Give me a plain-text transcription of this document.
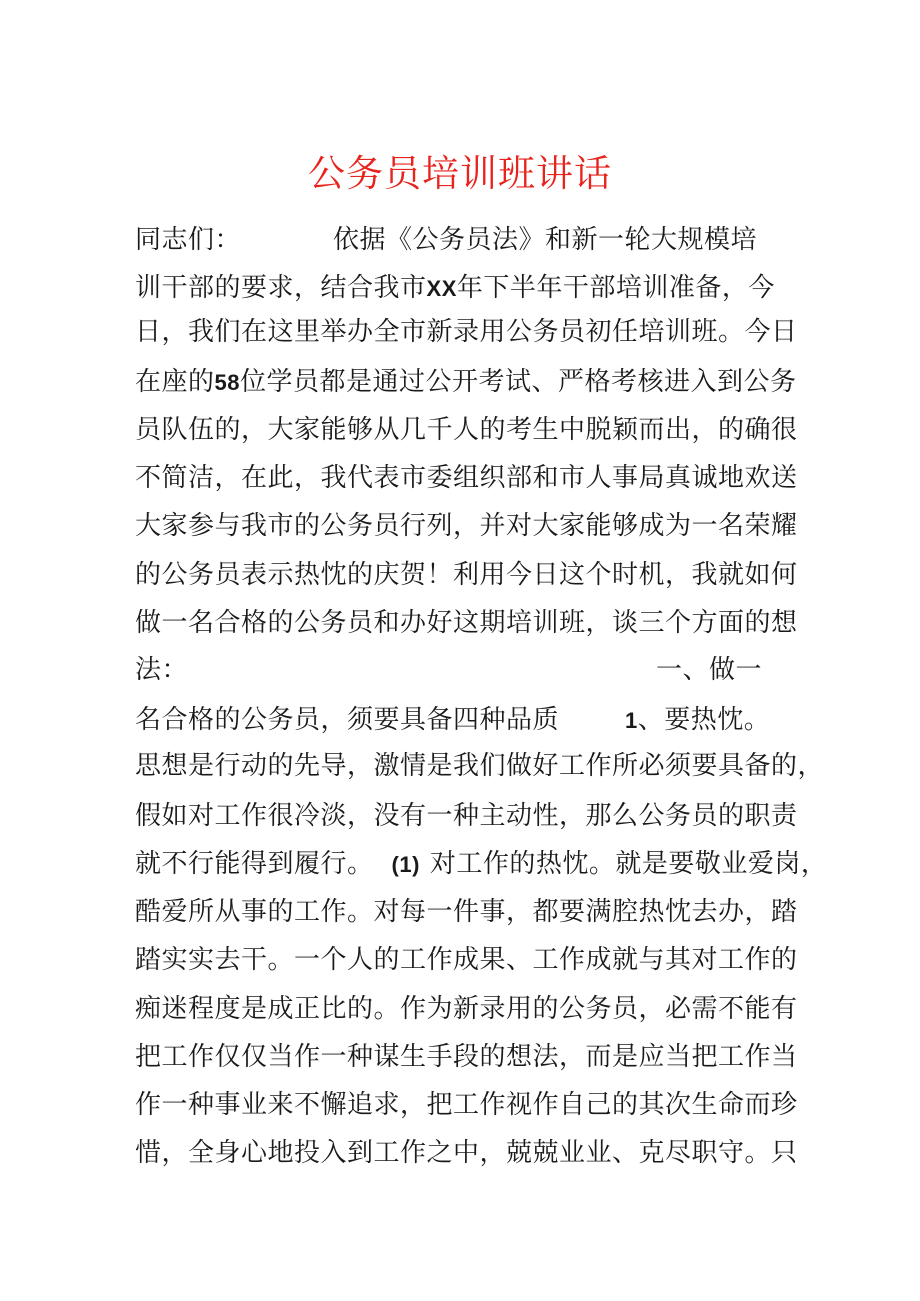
公务员培训班讲话
同志们：	依据《公务员法》和新一轮大规模培
训干部的要求，结合我市XX年下半年干部培训准备，今
日，我们在这里举办全市新录用公务员初任培训班。今日
在座的58位学员都是通过公开考试、严格考核进入到公务
员队伍的，大家能够从几千人的考生中脱颖而出，的确很
不简洁，在此，我代表市委组织部和市人事局真诚地欢送
大家参与我市的公务员行列，并对大家能够成为一名荣耀
的公务员表示热忱的庆贺！利用今日这个时机，我就如何
做一名合格的公务员和办好这期培训班，谈三个方面的想
法：	一、做一
名合格的公务员，须要具备四种品质	1、要热忱。
思想是行动的先导，激情是我们做好工作所必须要具备的，
假如对工作很冷淡，没有一种主动性，那么公务员的职责
就不行能得到履行。 (1) 对工作的热忱。就是要敬业爱岗，
酷爱所从事的工作。对每一件事，都要满腔热忱去办，踏
踏实实去干。一个人的工作成果、工作成就与其对工作的
痴迷程度是成正比的。作为新录用的公务员，必需不能有
把工作仅仅当作一种谋生手段的想法，而是应当把工作当
作一种事业来不懈追求，把工作视作自己的其次生命而珍
惜，全身心地投入到工作之中，兢兢业业、克尽职守。只
